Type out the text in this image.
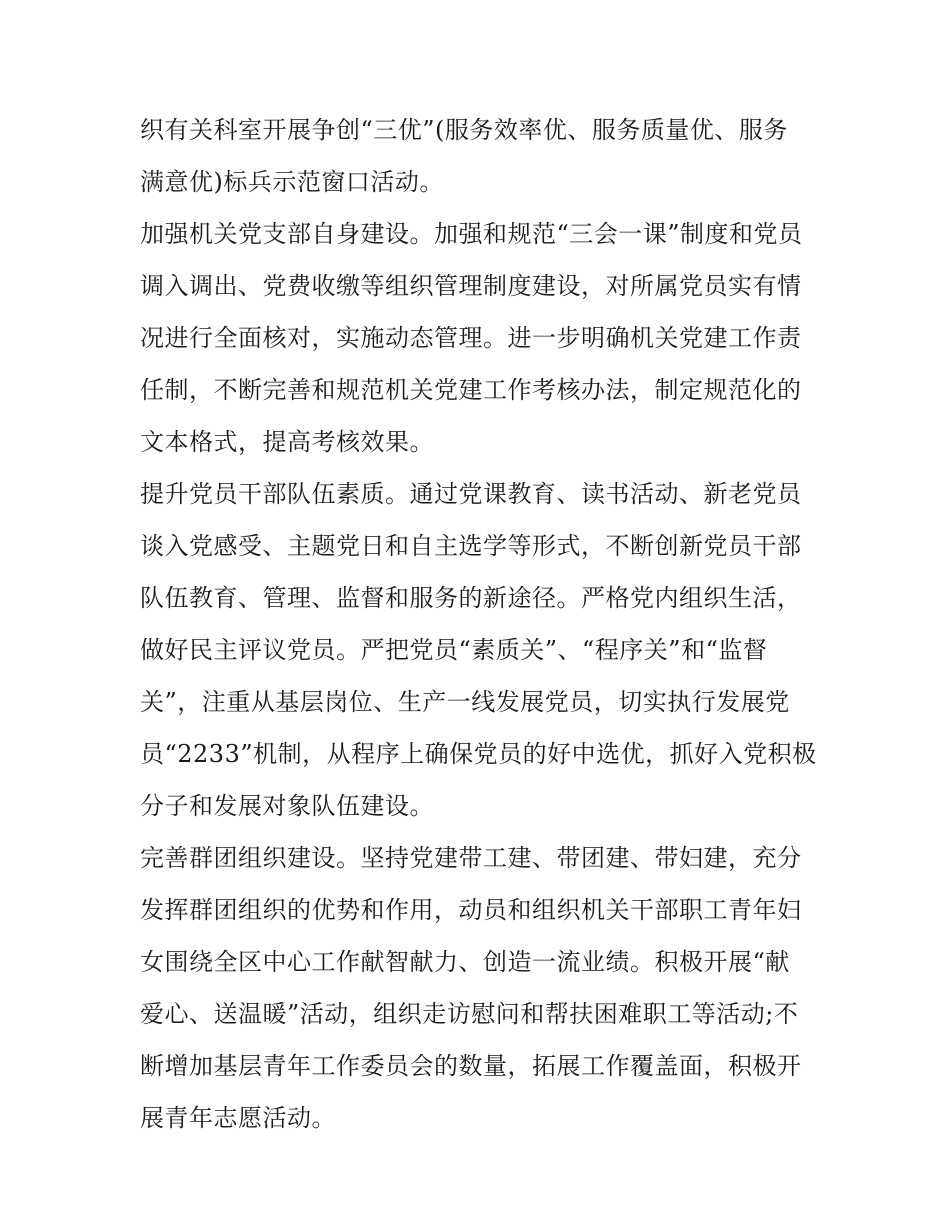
织有关科室开展争创“三优”(服务效率优、服务质量优、服务
满意优)标兵示范窗口活动。
加强机关党支部自身建设。加强和规范“三会一课”制度和党员
调入调出、党费收缴等组织管理制度建设，对所属党员实有情
况进行全面核对，实施动态管理。进一步明确机关党建工作责
任制，不断完善和规范机关党建工作考核办法，制定规范化的
文本格式，提高考核效果。
提升党员干部队伍素质。通过党课教育、读书活动、新老党员
谈入党感受、主题党日和自主选学等形式，不断创新党员干部
队伍教育、管理、监督和服务的新途径。严格党内组织生活，
做好民主评议党员。严把党员“素质关”、“程序关”和“监督
关”，注重从基层岗位、生产一线发展党员，切实执行发展党
员“2233”机制，从程序上确保党员的好中选优，抓好入党积极
分子和发展对象队伍建设。
完善群团组织建设。坚持党建带工建、带团建、带妇建，充分
发挥群团组织的优势和作用，动员和组织机关干部职工青年妇
女围绕全区中心工作献智献力、创造一流业绩。积极开展“献
爱心、送温暖”活动，组织走访慰问和帮扶困难职工等活动;不
断增加基层青年工作委员会的数量，拓展工作覆盖面，积极开
展青年志愿活动。
